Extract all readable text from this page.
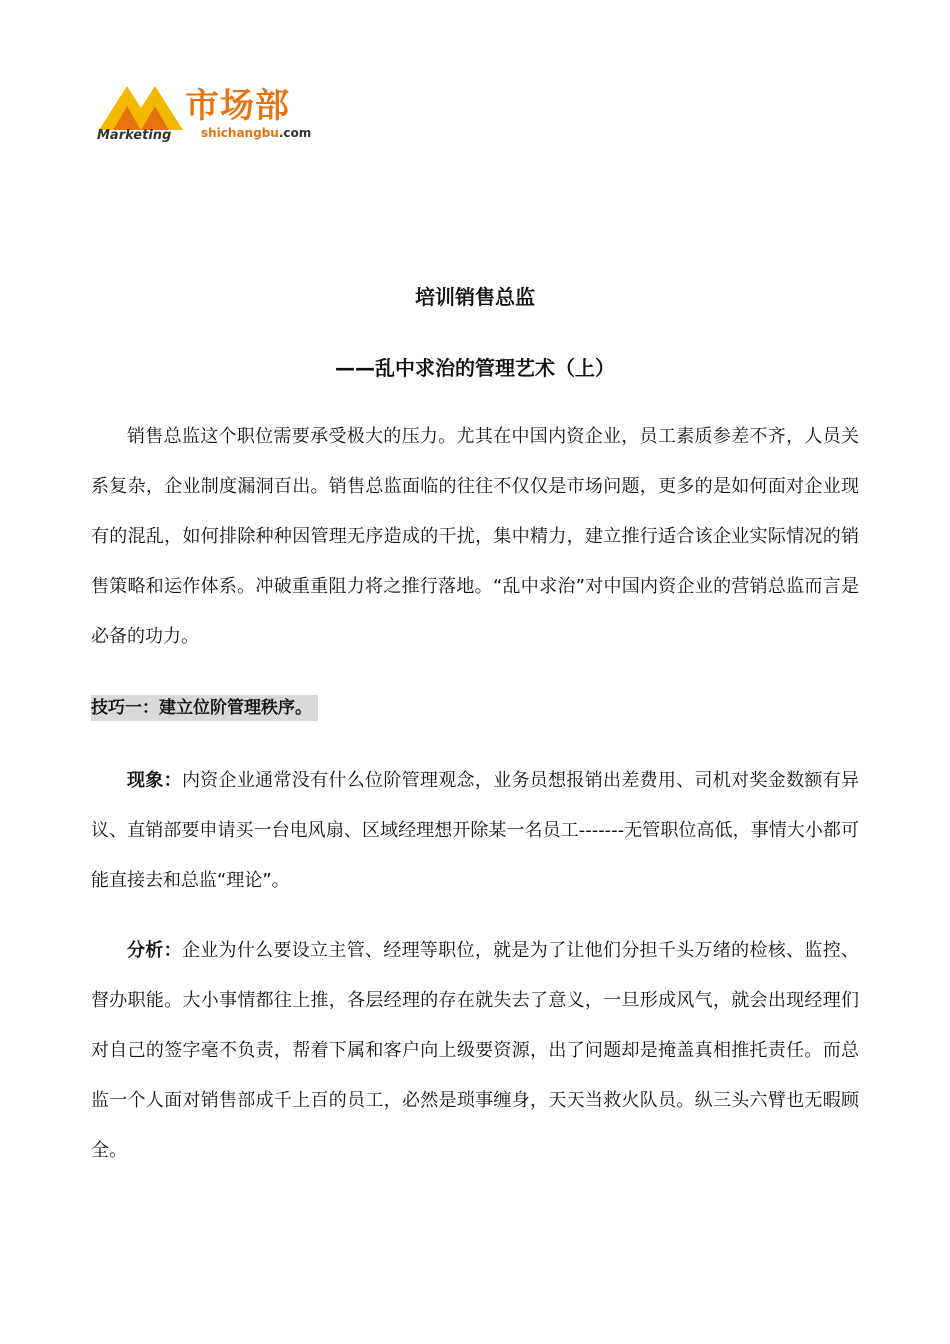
市场部
Marketing shichangbu.com
培训销售总监
——乱中求治的管理艺术（上）

销售总监这个职位需要承受极大的压力。尤其在中国内资企业，员工素质参差不齐，人员关系复杂，企业制度漏洞百出。销售总监面临的往往不仅仅是市场问题，更多的是如何面对企业现有的混乱，如何排除种种因管理无序造成的干扰，集中精力，建立推行适合该企业实际情况的销售策略和运作体系。冲破重重阻力将之推行落地。“乱中求治”对中国内资企业的营销总监而言是必备的功力。

技巧一：建立位阶管理秩序。

现象：内资企业通常没有什么位阶管理观念，业务员想报销出差费用、司机对奖金数额有异议、直销部要申请买一台电风扇、区域经理想开除某一名员工-------无管职位高低，事情大小都可能直接去和总监“理论”。

分析：企业为什么要设立主管、经理等职位，就是为了让他们分担千头万绪的检核、监控、督办职能。大小事情都往上推，各层经理的存在就失去了意义，一旦形成风气，就会出现经理们对自己的签字毫不负责，帮着下属和客户向上级要资源，出了问题却是掩盖真相推托责任。而总监一个人面对销售部成千上百的员工，必然是琐事缠身，天天当救火队员。纵三头六臂也无暇顾全。
